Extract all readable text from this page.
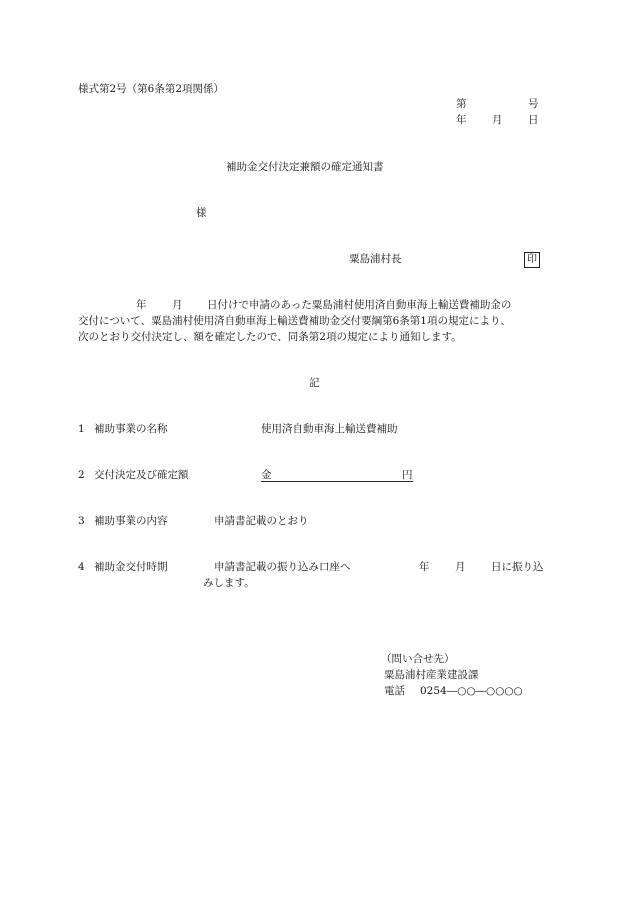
様式第2号（第6条第2項関係）
第	号
年 月 日
補助金交付決定兼額の確定通知書
様
粟島浦村長	印
年 月 日付けで申請のあった粟島浦村使用済自動車海上輸送費補助金の
交付について、粟島浦村使用済自動車海上輸送費補助金交付要綱第6条第1項の規定により、
次のとおり交付決定し、額を確定したので、同条第2項の規定により通知します。
記
1 補助事業の名称	使用済自動車海上輸送費補助
2 交付決定及び確定額	金	円
3 補助事業の内容	申請書記載のとおり
4 補助金交付時期	申請書記載の振り込み口座へ	年 月 日に振り込
みします。
（問い合せ先）
粟島浦村産業建設課
電話 0254―○○―○○○○
